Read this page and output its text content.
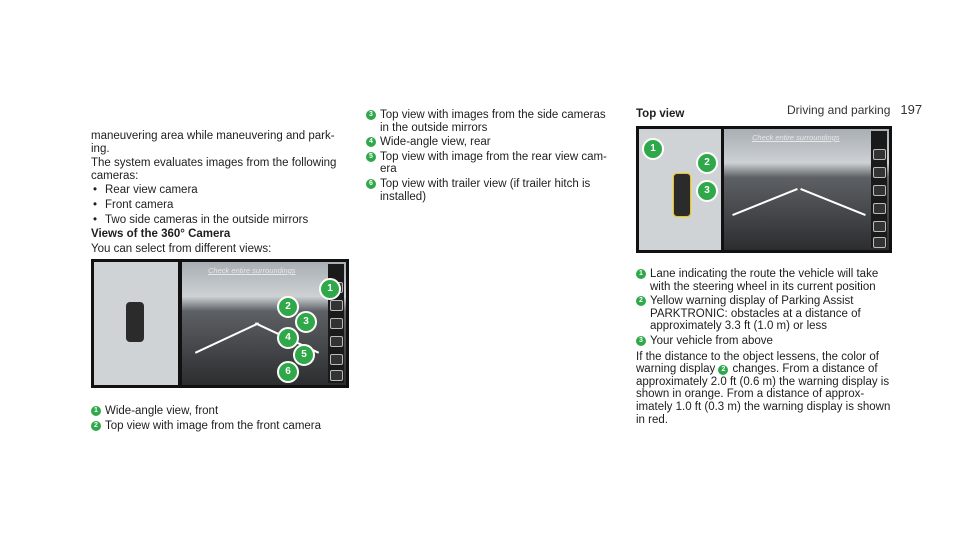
Driving and parking 197

maneuvering area while maneuvering and park-ing.

The system evaluates images from the following cameras:

• Rear view camera
• Front camera
• Two side cameras in the outside mirrors

Views of the 360° Camera

You can select from different views:

Check entire surroundings
1
2
3
4
5
6
1 Wide-angle view, front
2 Top view with image from the front camera
3 Top view with images from the side cameras in the outside mirrors
4 Wide-angle view, rear
5 Top view with image from the rear view cam-era
6 Top view with trailer view (if trailer hitch is installed)

Top view

Check entire surroundings
1
2
3
1 Lane indicating the route the vehicle will take with the steering wheel in its current position
2 Yellow warning display of Parking Assist PARKTRONIC: obstacles at a distance of approximately 3.3 ft (1.0 m) or less
3 Your vehicle from above

If the distance to the object lessens, the color of warning display 2 changes. From a distance of approximately 2.0 ft (0.6 m) the warning display is shown in orange. From a distance of approx-imately 1.0 ft (0.3 m) the warning display is shown in red.
